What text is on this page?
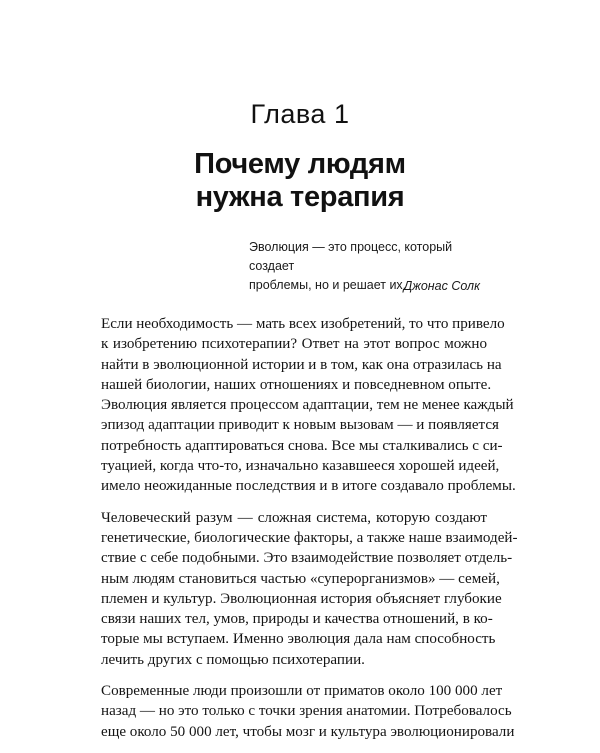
Глава 1
Почему людям
нужна терапия
Эволюция — это процесс, который создает
проблемы, но и решает их.
Джонас Солк

Если необходимость — мать всех изобретений, то что привело
к изобретению психотерапии? Ответ на этот вопрос можно
найти в эволюционной истории и в том, как она отразилась на
нашей биологии, наших отношениях и повседневном опыте.
Эволюция является процессом адаптации, тем не менее каждый
эпизод адаптации приводит к новым вызовам — и появляется
потребность адаптироваться снова. Все мы сталкивались с си-
туацией, когда что-то, изначально казавшееся хорошей идеей,
имело неожиданные последствия и в итоге создавало проблемы.

Человеческий разум — сложная система, которую создают
генетические, биологические факторы, а также наше взаимодей-
ствие с себе подобными. Это взаимодействие позволяет отдель-
ным людям становиться частью «суперорганизмов» — семей,
племен и культур. Эволюционная история объясняет глубокие
связи наших тел, умов, природы и качества отношений, в ко-
торые мы вступаем. Именно эволюция дала нам способность
лечить других с помощью психотерапии.

Современные люди произошли от приматов около 100 000 лет
назад — но это только с точки зрения анатомии. Потребовалось
еще около 50 000 лет, чтобы мозг и культура эволюционировали
